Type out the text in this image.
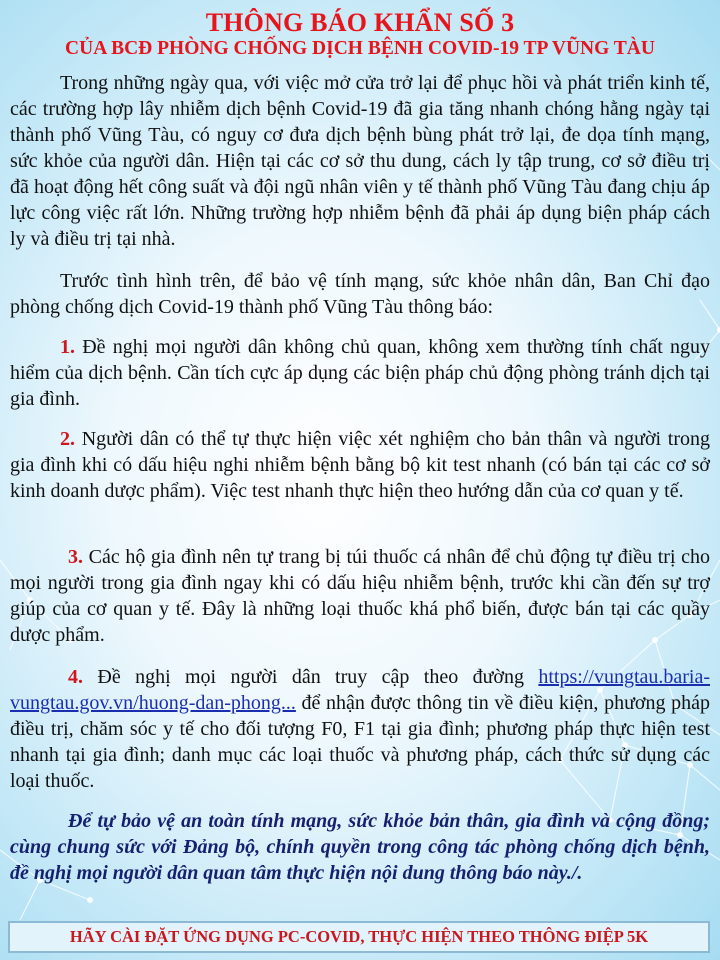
THÔNG BÁO KHẨN SỐ 3
CỦA BCĐ PHÒNG CHỐNG DỊCH BỆNH COVID-19 TP VŨNG TÀU

Trong những ngày qua, với việc mở cửa trở lại để phục hồi và phát triển kinh tế, các trường hợp lây nhiễm dịch bệnh Covid-19 đã gia tăng nhanh chóng hằng ngày tại thành phố Vũng Tàu, có nguy cơ đưa dịch bệnh bùng phát trở lại, đe dọa tính mạng, sức khỏe của người dân. Hiện tại các cơ sở thu dung, cách ly tập trung, cơ sở điều trị đã hoạt động hết công suất và đội ngũ nhân viên y tế thành phố Vũng Tàu đang chịu áp lực công việc rất lớn. Những trường hợp nhiễm bệnh đã phải áp dụng biện pháp cách ly và điều trị tại nhà.

Trước tình hình trên, để bảo vệ tính mạng, sức khỏe nhân dân, Ban Chỉ đạo phòng chống dịch Covid-19 thành phố Vũng Tàu thông báo:

1. Đề nghị mọi người dân không chủ quan, không xem thường tính chất nguy hiểm của dịch bệnh. Cần tích cực áp dụng các biện pháp chủ động phòng tránh dịch tại gia đình.

2. Người dân có thể tự thực hiện việc xét nghiệm cho bản thân và người trong gia đình khi có dấu hiệu nghi nhiễm bệnh bằng bộ kit test nhanh (có bán tại các cơ sở kinh doanh dược phẩm). Việc test nhanh thực hiện theo hướng dẫn của cơ quan y tế.

3. Các hộ gia đình nên tự trang bị túi thuốc cá nhân để chủ động tự điều trị cho mọi người trong gia đình ngay khi có dấu hiệu nhiễm bệnh, trước khi cần đến sự trợ giúp của cơ quan y tế. Đây là những loại thuốc khá phổ biến, được bán tại các quầy dược phẩm.

4. Đề nghị mọi người dân truy cập theo đường https://vungtau.baria-vungtau.gov.vn/huong-dan-phong... để nhận được thông tin về điều kiện, phương pháp điều trị, chăm sóc y tế cho đối tượng F0, F1 tại gia đình; phương pháp thực hiện test nhanh tại gia đình; danh mục các loại thuốc và phương pháp, cách thức sử dụng các loại thuốc.

Để tự bảo vệ an toàn tính mạng, sức khỏe bản thân, gia đình và cộng đồng; cùng chung sức với Đảng bộ, chính quyền trong công tác phòng chống dịch bệnh, đề nghị mọi người dân quan tâm thực hiện nội dung thông báo này./.

HÃY CÀI ĐẶT ỨNG DỤNG PC-COVID, THỰC HIỆN THEO THÔNG ĐIỆP 5K
